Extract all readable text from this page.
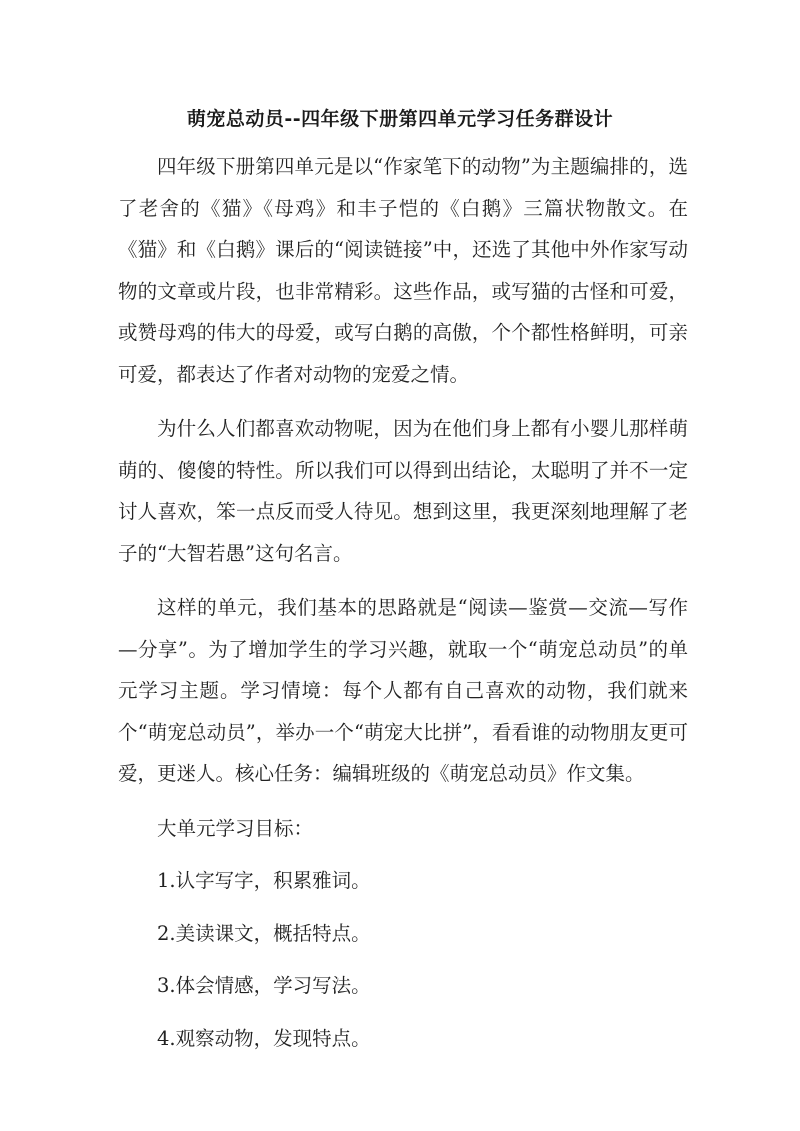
萌宠总动员--四年级下册第四单元学习任务群设计

四年级下册第四单元是以“作家笔下的动物”为主题编排的，选了老舍的《猫》《母鸡》和丰子恺的《白鹅》三篇状物散文。在《猫》和《白鹅》课后的“阅读链接”中，还选了其他中外作家写动物的文章或片段，也非常精彩。这些作品，或写猫的古怪和可爱，或赞母鸡的伟大的母爱，或写白鹅的高傲，个个都性格鲜明，可亲可爱，都表达了作者对动物的宠爱之情。

为什么人们都喜欢动物呢，因为在他们身上都有小婴儿那样萌萌的、傻傻的特性。所以我们可以得到出结论，太聪明了并不一定讨人喜欢，笨一点反而受人待见。想到这里，我更深刻地理解了老子的“大智若愚”这句名言。

这样的单元，我们基本的思路就是“阅读—鉴赏—交流—写作—分享”。为了增加学生的学习兴趣，就取一个“萌宠总动员”的单元学习主题。学习情境：每个人都有自己喜欢的动物，我们就来个“萌宠总动员”，举办一个“萌宠大比拼”，看看谁的动物朋友更可爱，更迷人。核心任务：编辑班级的《萌宠总动员》作文集。

大单元学习目标：
1.认字写字，积累雅词。
2.美读课文，概括特点。
3.体会情感，学习写法。
4.观察动物，发现特点。
